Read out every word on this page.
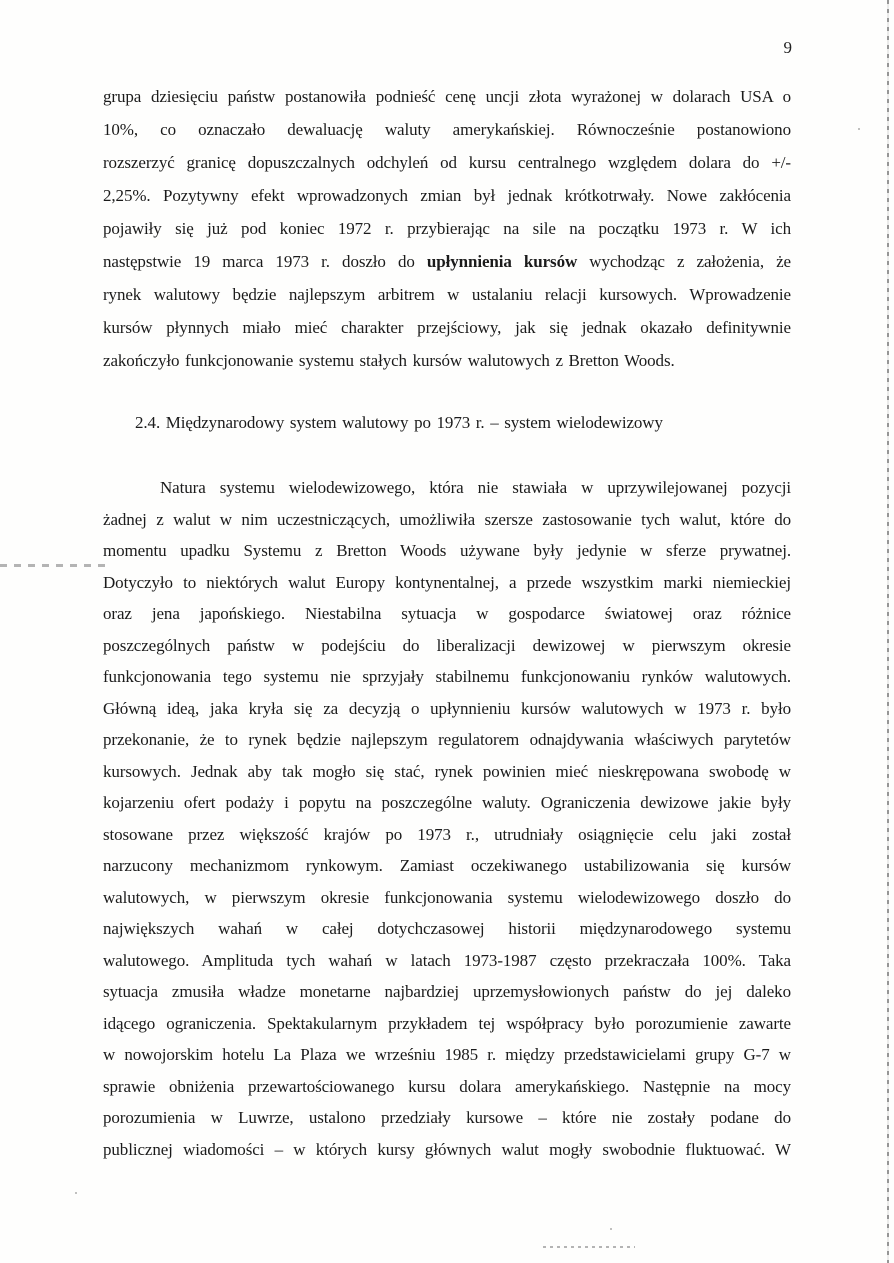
9
grupa dziesięciu państw postanowiła podnieść cenę uncji złota wyrażonej w dolarach USA o
10%, co oznaczało dewaluację waluty amerykańskiej. Równocześnie postanowiono
rozszerzyć granicę dopuszczalnych odchyleń od kursu centralnego względem dolara do +/-
2,25%. Pozytywny efekt wprowadzonych zmian był jednak krótkotrwały. Nowe zakłócenia
pojawiły się już pod koniec 1972 r. przybierając na sile na początku 1973 r. W ich
następstwie 19 marca 1973 r. doszło do upłynnienia kursów wychodząc z założenia, że
rynek walutowy będzie najlepszym arbitrem w ustalaniu relacji kursowych. Wprowadzenie
kursów płynnych miało mieć charakter przejściowy, jak się jednak okazało definitywnie
zakończyło funkcjonowanie systemu stałych kursów walutowych z Bretton Woods.
2.4. Międzynarodowy system walutowy po 1973 r. – system wielodewizowy
Natura systemu wielodewizowego, która nie stawiała w uprzywilejowanej pozycji
żadnej z walut w nim uczestniczących, umożliwiła szersze zastosowanie tych walut, które do
momentu upadku Systemu z Bretton Woods używane były jedynie w sferze prywatnej.
Dotyczyło to niektórych walut Europy kontynentalnej, a przede wszystkim marki niemieckiej
oraz jena japońskiego. Niestabilna sytuacja w gospodarce światowej oraz różnice
poszczególnych państw w podejściu do liberalizacji dewizowej w pierwszym okresie
funkcjonowania tego systemu nie sprzyjały stabilnemu funkcjonowaniu rynków walutowych.
Główną ideą, jaka kryła się za decyzją o upłynnieniu kursów walutowych w 1973 r. było
przekonanie, że to rynek będzie najlepszym regulatorem odnajdywania właściwych parytetów
kursowych. Jednak aby tak mogło się stać, rynek powinien mieć nieskrępowana swobodę w
kojarzeniu ofert podaży i popytu na poszczególne waluty. Ograniczenia dewizowe jakie były
stosowane przez większość krajów po 1973 r., utrudniały osiągnięcie celu jaki został
narzucony mechanizmom rynkowym. Zamiast oczekiwanego ustabilizowania się kursów
walutowych, w pierwszym okresie funkcjonowania systemu wielodewizowego doszło do
największych wahań w całej dotychczasowej historii międzynarodowego systemu
walutowego. Amplituda tych wahań w latach 1973-1987 często przekraczała 100%. Taka
sytuacja zmusiła władze monetarne najbardziej uprzemysłowionych państw do jej daleko
idącego ograniczenia. Spektakularnym przykładem tej współpracy było porozumienie zawarte
w nowojorskim hotelu La Plaza we wrześniu 1985 r. między przedstawicielami grupy G-7 w
sprawie obniżenia przewartościowanego kursu dolara amerykańskiego. Następnie na mocy
porozumienia w Luwrze, ustalono przedziały kursowe – które nie zostały podane do
publicznej wiadomości – w których kursy głównych walut mogły swobodnie fluktuować. W
